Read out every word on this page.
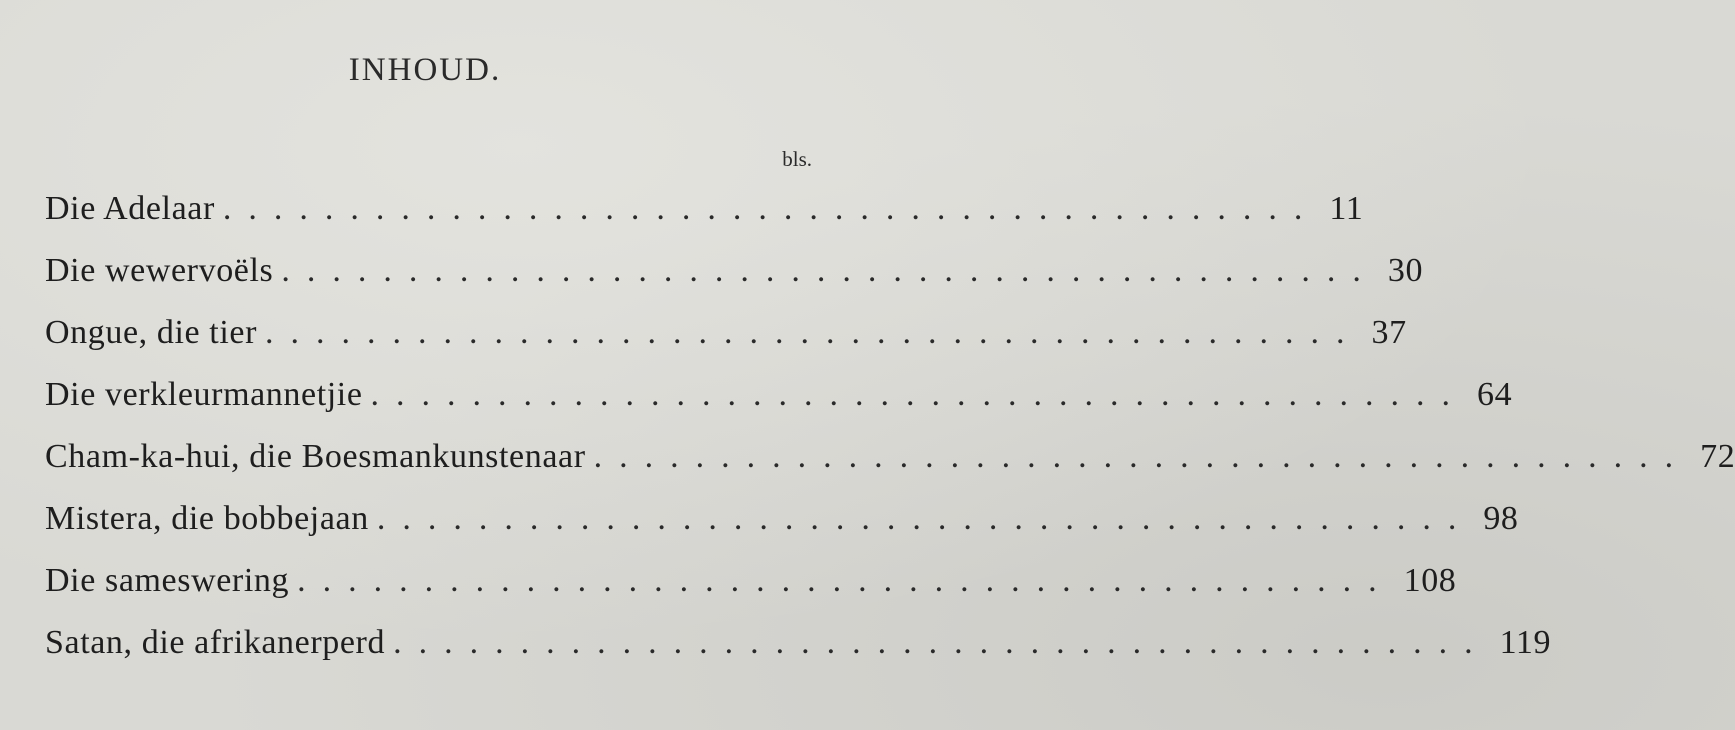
INHOUD.
bls.
Die Adelaar ........................................... 11
Die wewervoëls ........................................... 30
Ongue, die tier ........................................... 37
Die verkleurmannetjie ........................................... 64
Cham-ka-hui, die Boesmankunstenaar ........................................... 72
Mistera, die bobbejaan ........................................... 98
Die sameswering ........................................... 108
Satan, die afrikanerperd ........................................... 119
